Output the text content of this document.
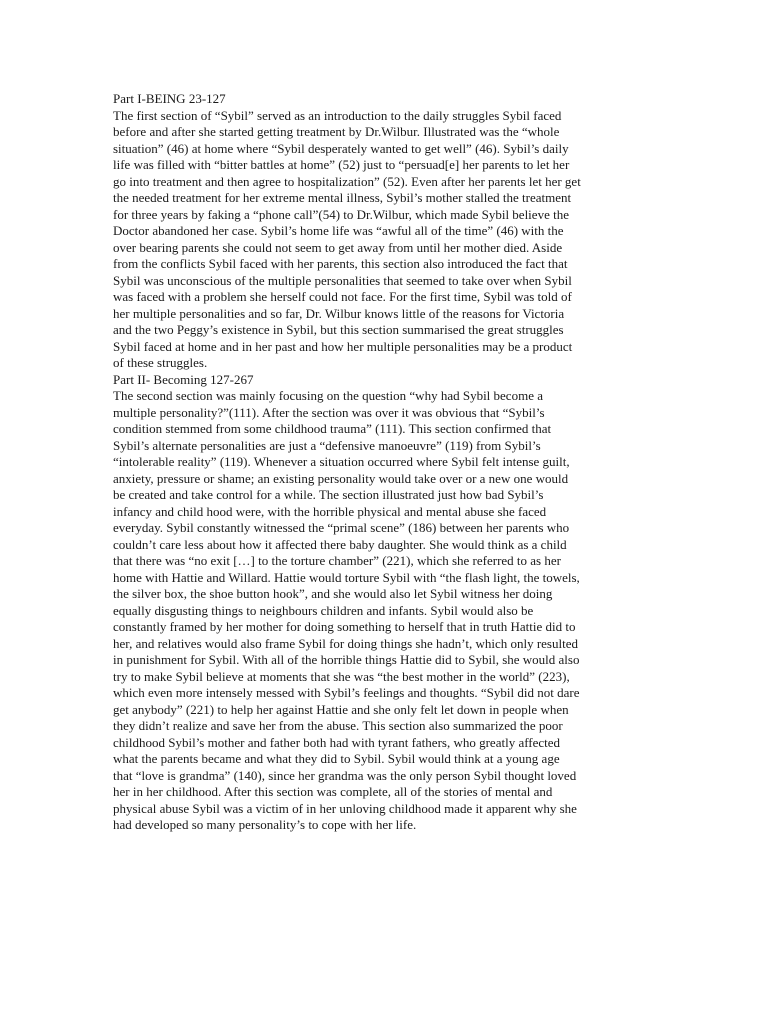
Part I-BEING 23-127

The first section of “Sybil” served as an introduction to the daily struggles Sybil faced
before and after she started getting treatment by Dr.Wilbur. Illustrated was the “whole
situation” (46) at home where “Sybil desperately wanted to get well” (46). Sybil’s daily
life was filled with “bitter battles at home” (52) just to “persuad[e] her parents to let her
go into treatment and then agree to hospitalization” (52). Even after her parents let her get
the needed treatment for her extreme mental illness, Sybil’s mother stalled the treatment
for three years by faking a “phone call”(54) to Dr.Wilbur, which made Sybil believe the
Doctor abandoned her case. Sybil’s home life was “awful all of the time” (46) with the
over bearing parents she could not seem to get away from until her mother died. Aside
from the conflicts Sybil faced with her parents, this section also introduced the fact that
Sybil was unconscious of the multiple personalities that seemed to take over when Sybil
was faced with a problem she herself could not face. For the first time, Sybil was told of
her multiple personalities and so far, Dr. Wilbur knows little of the reasons for Victoria
and the two Peggy’s existence in Sybil, but this section summarised the great struggles
Sybil faced at home and in her past and how her multiple personalities may be a product
of these struggles.

Part II- Becoming 127-267

The second section was mainly focusing on the question “why had Sybil become a
multiple personality?”(111). After the section was over it was obvious that “Sybil’s
condition stemmed from some childhood trauma” (111). This section confirmed that
Sybil’s alternate personalities are just a “defensive manoeuvre” (119) from Sybil’s
“intolerable reality” (119). Whenever a situation occurred where Sybil felt intense guilt,
anxiety, pressure or shame; an existing personality would take over or a new one would
be created and take control for a while. The section illustrated just how bad Sybil’s
infancy and child hood were, with the horrible physical and mental abuse she faced
everyday. Sybil constantly witnessed the “primal scene” (186) between her parents who
couldn’t care less about how it affected there baby daughter. She would think as a child
that there was “no exit […] to the torture chamber” (221), which she referred to as her
home with Hattie and Willard. Hattie would torture Sybil with “the flash light, the towels,
the silver box, the shoe button hook”, and she would also let Sybil witness her doing
equally disgusting things to neighbours children and infants. Sybil would also be
constantly framed by her mother for doing something to herself that in truth Hattie did to
her, and relatives would also frame Sybil for doing things she hadn’t, which only resulted
in punishment for Sybil. With all of the horrible things Hattie did to Sybil, she would also
try to make Sybil believe at moments that she was “the best mother in the world” (223),
which even more intensely messed with Sybil’s feelings and thoughts. “Sybil did not dare
get anybody” (221) to help her against Hattie and she only felt let down in people when
they didn’t realize and save her from the abuse. This section also summarized the poor
childhood Sybil’s mother and father both had with tyrant fathers, who greatly affected
what the parents became and what they did to Sybil. Sybil would think at a young age
that “love is grandma” (140), since her grandma was the only person Sybil thought loved
her in her childhood. After this section was complete, all of the stories of mental and
physical abuse Sybil was a victim of in her unloving childhood made it apparent why she
had developed so many personality’s to cope with her life.
